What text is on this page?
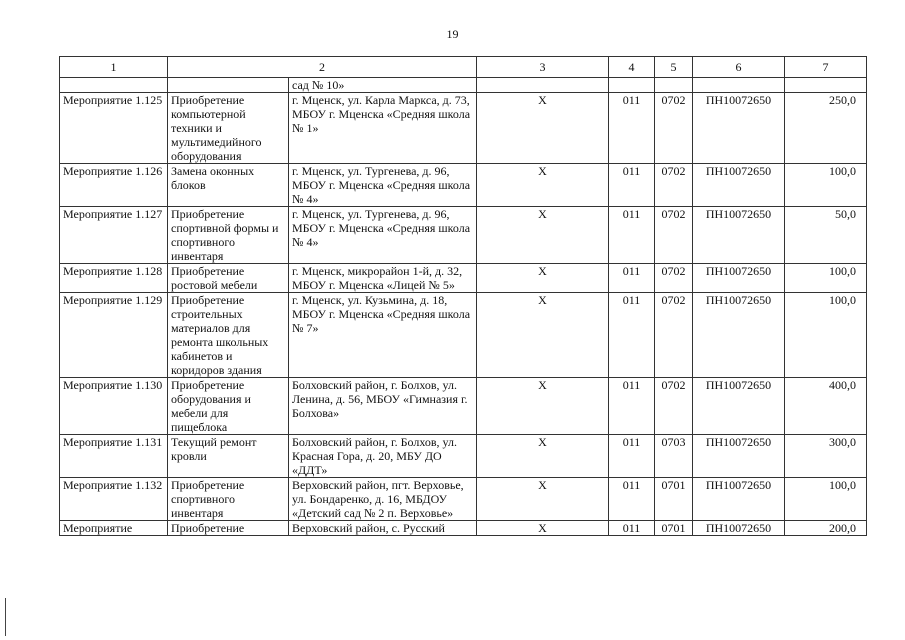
19
1	2		3	4	5	6	7
		сад № 10»					
Мероприятие 1.125	Приобретение компьютерной техники и мультимедийного оборудования	г. Мценск, ул. Карла Маркса, д. 73, МБОУ г. Мценска «Средняя школа № 1»	X	011	0702	ПН10072650	250,0
Мероприятие 1.126	Замена оконных блоков	г. Мценск, ул. Тургенева, д. 96, МБОУ г. Мценска «Средняя школа № 4»	X	011	0702	ПН10072650	100,0
Мероприятие 1.127	Приобретение спортивной формы и спортивного инвентаря	г. Мценск, ул. Тургенева, д. 96, МБОУ г. Мценска «Средняя школа № 4»	X	011	0702	ПН10072650	50,0
Мероприятие 1.128	Приобретение ростовой мебели	г. Мценск, микрорайон 1-й, д. 32, МБОУ г. Мценска «Лицей № 5»	X	011	0702	ПН10072650	100,0
Мероприятие 1.129	Приобретение строительных материалов для ремонта школьных кабинетов и коридоров здания	г. Мценск, ул. Кузьмина, д. 18, МБОУ г. Мценска «Средняя школа № 7»	X	011	0702	ПН10072650	100,0
Мероприятие 1.130	Приобретение оборудования и мебели для пищеблока	Болховский район, г. Болхов, ул. Ленина, д. 56, МБОУ «Гимназия г. Болхова»	X	011	0702	ПН10072650	400,0
Мероприятие 1.131	Текущий ремонт кровли	Болховский район, г. Болхов, ул. Красная Гора, д. 20, МБУ ДО «ДДТ»	X	011	0703	ПН10072650	300,0
Мероприятие 1.132	Приобретение спортивного инвентаря	Верховский район, пгт. Верховье, ул. Бондаренко, д. 16, МБДОУ «Детский сад № 2 п. Верховье»	X	011	0701	ПН10072650	100,0
Мероприятие	Приобретение	Верховский район, с. Русский	X	011	0701	ПН10072650	200,0
